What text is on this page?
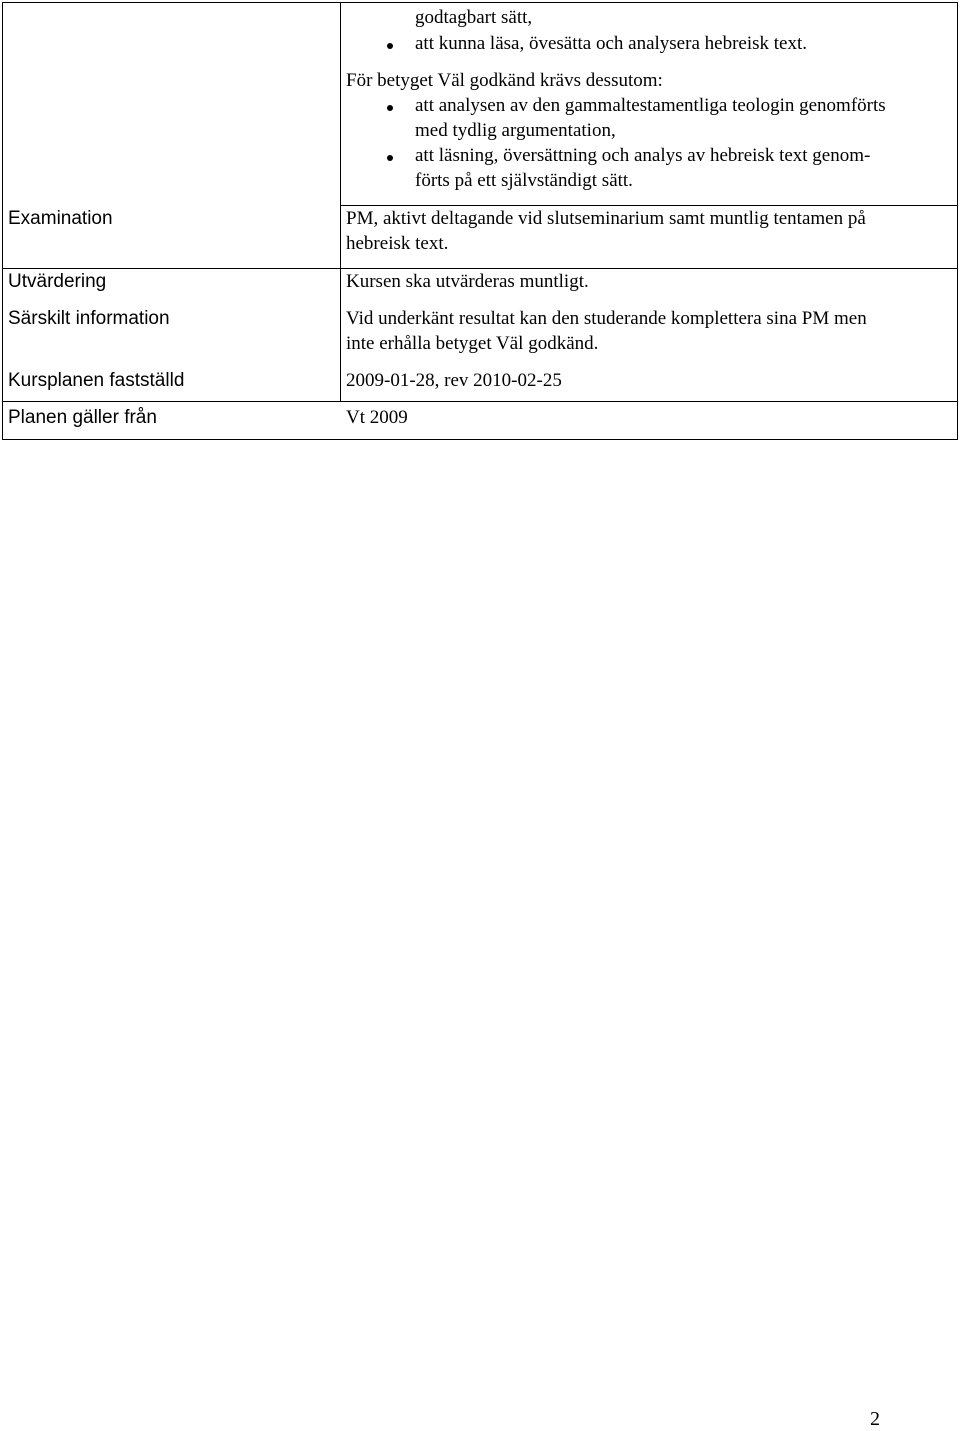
godtagbart sätt,
att kunna läsa, övesätta och analysera hebreisk text.
För betyget Väl godkänd krävs dessutom:
att analysen av den gammaltestamentliga teologin genomförts
med tydlig argumentation,
att läsning, översättning och analys av hebreisk text genom-
förts på ett självständigt sätt.
Examination	PM, aktivt deltagande vid slutseminarium samt muntlig tentamen på
hebreisk text.
Utvärdering	Kursen ska utvärderas muntligt.
Särskilt information	Vid underkänt resultat kan den studerande komplettera sina PM men
inte erhålla betyget Väl godkänd.
Kursplanen fastställd	2009-01-28, rev 2010-02-25
Planen gäller från	Vt 2009
2
